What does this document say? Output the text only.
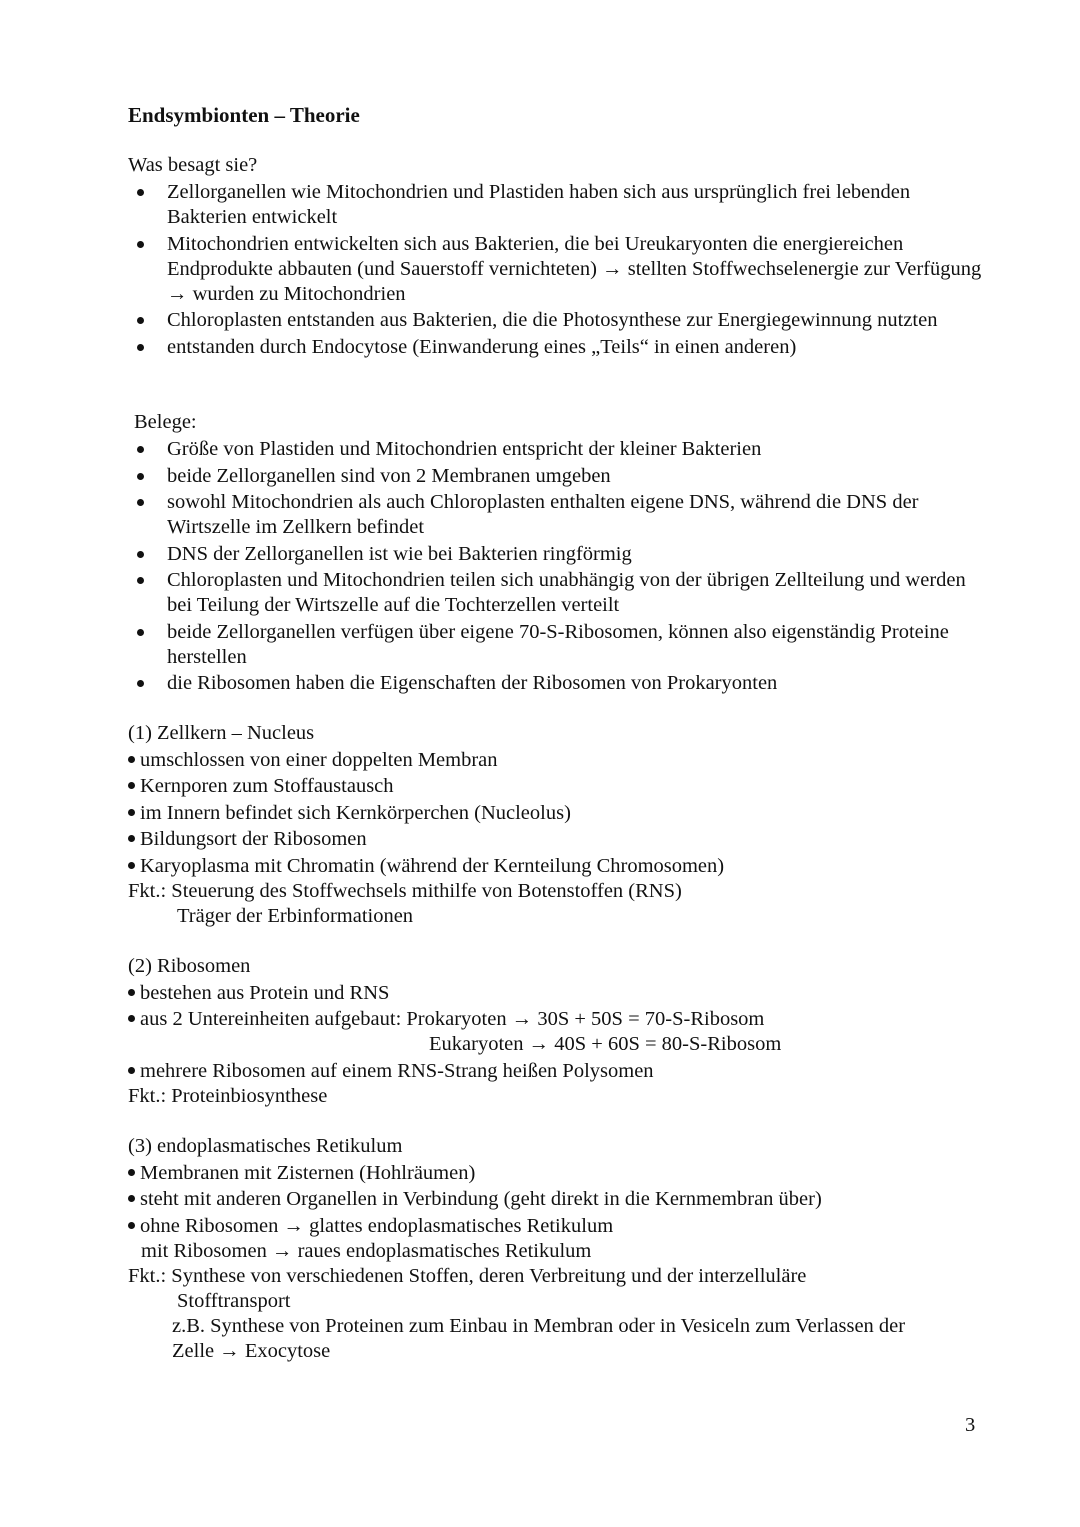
Endsymbionten – Theorie

Was besagt sie?

Zellorganellen wie Mitochondrien und Plastiden haben sich aus ursprünglich frei lebenden Bakterien entwickelt
Mitochondrien entwickelten sich aus Bakterien, die bei Ureukaryonten die energiereichen Endprodukte abbauten (und Sauerstoff vernichteten) → stellten Stoffwechselenergie zur Verfügung → wurden zu Mitochondrien
Chloroplasten entstanden aus Bakterien, die die Photosynthese zur Energiegewinnung nutzten
entstanden durch Endocytose (Einwanderung eines „Teils“ in einen anderen)

Belege:

Größe von Plastiden und Mitochondrien entspricht der kleiner Bakterien
beide Zellorganellen sind von 2 Membranen umgeben
sowohl Mitochondrien als auch Chloroplasten enthalten eigene DNS, während die DNS der Wirtszelle im Zellkern befindet
DNS der Zellorganellen ist wie bei Bakterien ringförmig
Chloroplasten und Mitochondrien teilen sich unabhängig von der übrigen Zellteilung und werden bei Teilung der Wirtszelle auf die Tochterzellen verteilt
beide Zellorganellen verfügen über eigene 70-S-Ribosomen, können also eigenständig Proteine herstellen
die Ribosomen haben die Eigenschaften der Ribosomen von Prokaryonten

(1) Zellkern – Nucleus

umschlossen von einer doppelten Membran
Kernporen zum Stoffaustausch
im Innern befindet sich Kernkörperchen (Nucleolus)
Bildungsort der Ribosomen
Karyoplasma mit Chromatin (während der Kernteilung Chromosomen)
Fkt.: Steuerung des Stoffwechsels mithilfe von Botenstoffen (RNS)
Träger der Erbinformationen

(2) Ribosomen

bestehen aus Protein und RNS
aus 2 Untereinheiten aufgebaut: Prokaryoten → 30S + 50S = 70-S-Ribosom
Eukaryoten → 40S + 60S = 80-S-Ribosom
mehrere Ribosomen auf einem RNS-Strang heißen Polysomen
Fkt.: Proteinbiosynthese

(3) endoplasmatisches Retikulum

Membranen mit Zisternen (Hohlräumen)
steht mit anderen Organellen in Verbindung (geht direkt in die Kernmembran über)
ohne Ribosomen → glattes endoplasmatisches Retikulum
mit Ribosomen → raues endoplasmatisches Retikulum
Fkt.: Synthese von verschiedenen Stoffen, deren Verbreitung und der interzelluläre
Stofftransport
z.B. Synthese von Proteinen zum Einbau in Membran oder in Vesiceln zum Verlassen der
Zelle → Exocytose
3
